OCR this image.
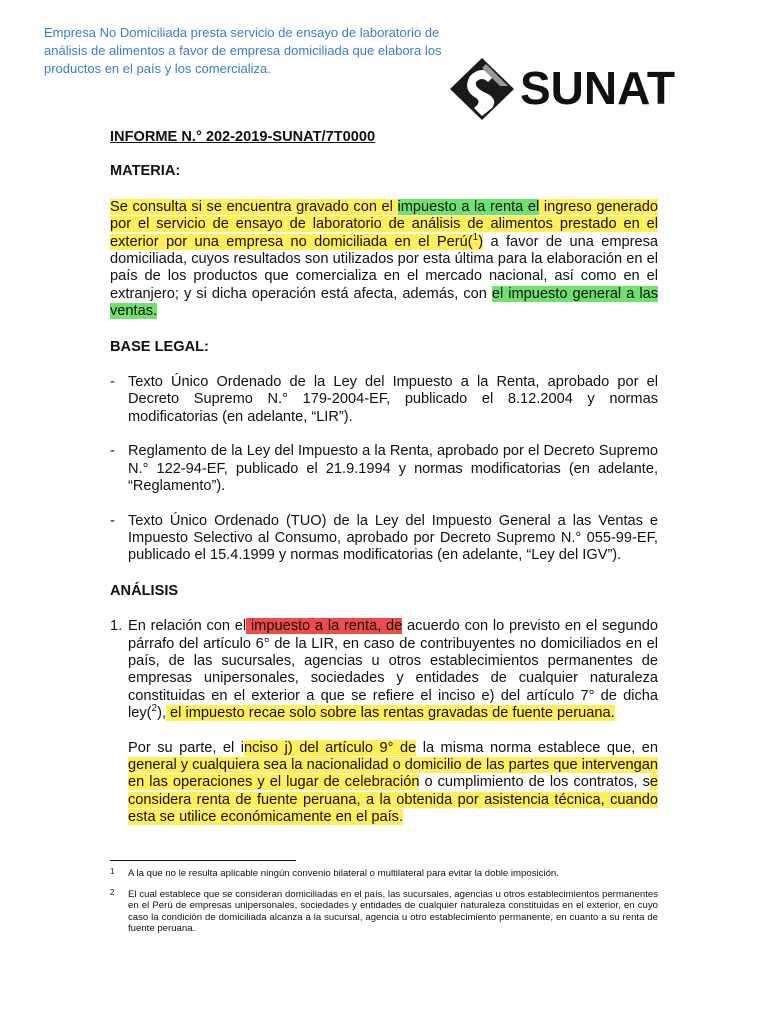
Empresa No Domiciliada presta servicio de ensayo de laboratorio de análisis de alimentos a favor de empresa domiciliada que elabora los productos en el país y los comercializa.	SUNAT

INFORME N.° 202-2019-SUNAT/7T0000

MATERIA:

Se consulta si se encuentra gravado con el impuesto a la renta el ingreso generado por el servicio de ensayo de laboratorio de análisis de alimentos prestado en el exterior por una empresa no domiciliada en el Perú($^1$) a favor de una empresa domiciliada, cuyos resultados son utilizados por esta última para la elaboración en el país de los productos que comercializa en el mercado nacional, así como en el extranjero; y si dicha operación está afecta, además, con el impuesto general a las ventas.

BASE LEGAL:

- Texto Único Ordenado de la Ley del Impuesto a la Renta, aprobado por el Decreto Supremo N.° 179-2004-EF, publicado el 8.12.2004 y normas modificatorias (en adelante, “LIR”).
- Reglamento de la Ley del Impuesto a la Renta, aprobado por el Decreto Supremo N.° 122-94-EF, publicado el 21.9.1994 y normas modificatorias (en adelante, “Reglamento”).
- Texto Único Ordenado (TUO) de la Ley del Impuesto General a las Ventas e Impuesto Selectivo al Consumo, aprobado por Decreto Supremo N.° 055-99-EF, publicado el 15.4.1999 y normas modificatorias (en adelante, “Ley del IGV”).

ANÁLISIS

1. En relación con el impuesto a la renta, de acuerdo con lo previsto en el segundo párrafo del artículo 6° de la LIR, en caso de contribuyentes no domiciliados en el país, de las sucursales, agencias u otros establecimientos permanentes de empresas unipersonales, sociedades y entidades de cualquier naturaleza constituidas en el exterior a que se refiere el inciso e) del artículo 7° de dicha ley($^2$), el impuesto recae solo sobre las rentas gravadas de fuente peruana.
Por su parte, el inciso j) del artículo 9° de la misma norma establece que, en general y cualquiera sea la nacionalidad o domicilio de las partes que intervengan en las operaciones y el lugar de celebración o cumplimiento de los contratos, se considera renta de fuente peruana, a la obtenida por asistencia técnica, cuando esta se utilice económicamente en el país.

1 A la que no le resulta aplicable ningún convenio bilateral o multilateral para evitar la doble imposición.

2 El cual establece que se consideran domiciliadas en el país, las sucursales, agencias u otros establecimientos permanentes en el Perú de empresas unipersonales, sociedades y entidades de cualquier naturaleza constituidas en el exterior, en cuyo caso la condición de domiciliada alcanza a la sucursal, agencia u otro establecimiento permanente, en cuanto a su renta de fuente peruana.
